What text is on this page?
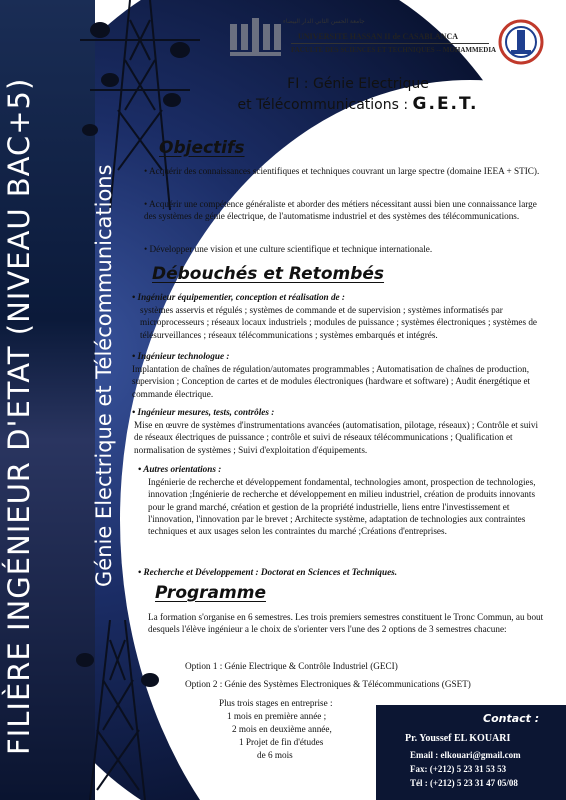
FILIÈRE INGÉNIEUR D'ETAT (NIVEAU BAC+5)	Génie Electrique et Télécommunications
جامعة الحسن الثاني الدار البيضاء
UNIVERSITE HASSAN II de CASABLANCA
FACULTE DES SCIENCES ET TECHNIQUES -- MOHAMMEDIA
FI : Génie Electrique
et Télécommunications : G.E.T.
Objectifs
• Acquérir des connaissances scientifiques et techniques couvrant un large spectre (domaine IEEA + STIC).
• Acquérir une compétence généraliste et aborder des métiers nécessitant aussi bien une connaissance large des systèmes de génie électrique, de l'automatisme industriel et des systèmes des télécommunications.
• Développer une vision et une culture scientifique et technique internationale.
Débouchés et Retombés
• Ingénieur équipementier, conception et réalisation de :
systèmes asservis et régulés ; systèmes de commande et de supervision ; systèmes informatisés par microprocesseurs ; réseaux locaux industriels ; modules de puissance ; systèmes électroniques ; systèmes de télésurveillances ; réseaux télécommunications ; systèmes embarqués et intégrés.
• Ingénieur technologue :
Implantation de chaînes de régulation/automates programmables ; Automatisation de chaînes de production, supervision ; Conception de cartes et de modules électroniques (hardware et software) ; Audit énergétique et commande électrique.
• Ingénieur mesures, tests, contrôles :
Mise en œuvre de systèmes d'instrumentations avancées (automatisation, pilotage, réseaux) ; Contrôle et suivi de réseaux électriques de puissance ; contrôle et suivi de réseaux télécommunications ; Qualification et normalisation de systèmes ; Suivi d'exploitation d'équipements.
• Autres orientations :
Ingénierie de recherche et développement fondamental, technologies amont, prospection de technologies, innovation ;Ingénierie de recherche et développement en milieu industriel, création de produits innovants pour le grand marché, création et gestion de la propriété industrielle, liens entre l'investissement et l'innovation, l'innovation par le brevet ; Architecte système, adaptation de technologies aux contraintes techniques et aux usages selon les contraintes du marché ;Créations d'entreprises.
• Recherche et Développement : Doctorat en Sciences et Techniques.
Programme
La formation s'organise en 6 semestres. Les trois premiers semestres constituent le Tronc Commun, au bout desquels l'élève ingénieur a le choix de s'orienter vers l'une des 2 options de 3 semestres chacune:
Option 1 : Génie Electrique & Contrôle Industriel (GECI)
Option 2 : Génie des Systèmes Electroniques & Télécommunications (GSET)
Plus trois stages en entreprise :
1 mois en première année ;
2 mois en deuxième année,
1 Projet de fin d'études
de 6 mois
Contact :
Pr. Youssef EL KOUARI
Email : elkouari@gmail.com
Fax: (+212) 5 23 31 53 53
Tél : (+212) 5 23 31 47 05/08
